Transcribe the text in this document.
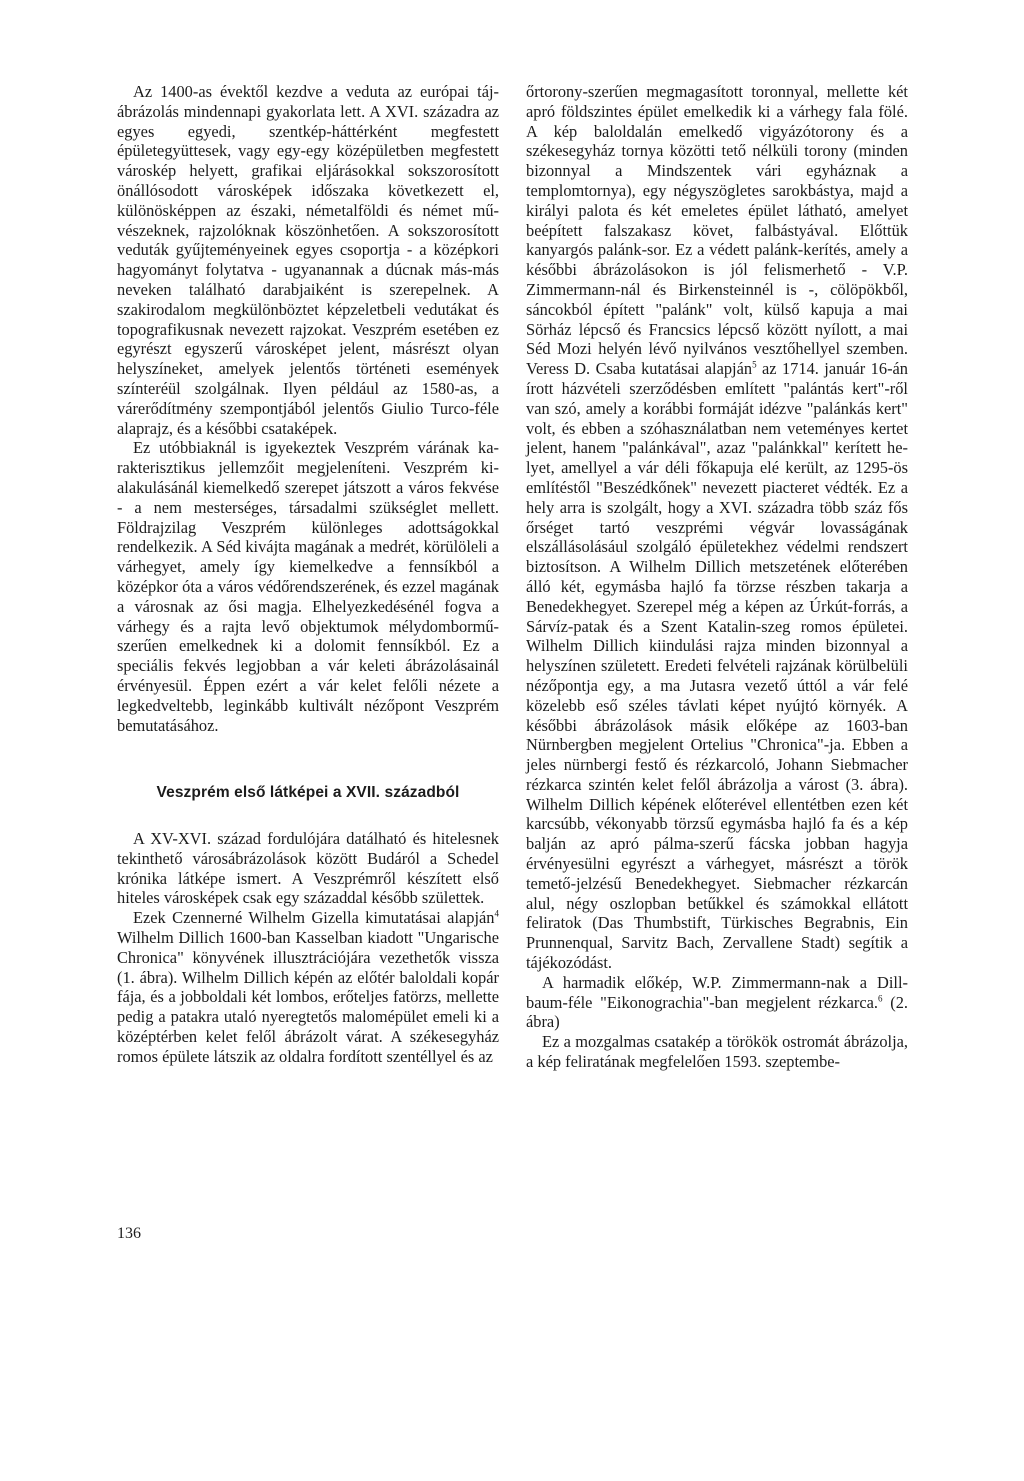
Az 1400-as évektől kezdve a veduta az európai tájábrázolás mindennapi gyakorlata lett. A XVI. századra az egyes egyedi, szentkép-háttérként megfestett épületegyüttesek, vagy egy-egy középületben megfestett városkép helyett, grafikai eljárásokkal sokszorosított önállósodott városképek időszaka következett el, különösképpen az északi, németalföldi és német művészeknek, rajzolóknak köszönhetően. A sokszorosított veduták gyűjteményeinek egyes csoportja - a középkori hagyományt folytatva - ugyanannak a dúcnak más-más neveken található darabjaiként is szerepelnek. A szakirodalom megkülönböztet képzeletbeli vedutákat és topografikusnak nevezett rajzokat. Veszprém esetében ez egyrészt egyszerű városképet jelent, másrészt olyan helyszíneket, amelyek jelentős történeti események színteréül szolgálnak. Ilyen például az 1580-as, a várerődítmény szempontjából jelentős Giulio Turco-féle alaprajz, és a későbbi csataképek.

Ez utóbbiaknál is igyekeztek Veszprém várának karakterisztikus jellemzőit megjeleníteni. Veszprém kialakulásánál kiemelkedő szerepet játszott a város fekvése - a nem mesterséges, társadalmi szükséglet mellett. Földrajzilag Veszprém különleges adottságokkal rendelkezik. A Séd kivájta magának a medrét, körülöleli a várhegyet, amely így kiemelkedve a fennsíkból a középkor óta a város védőrendszerének, és ezzel magának a városnak az ősi magja. Elhelyezkedésénél fogva a várhegy és a rajta levő objektumok mélydombormű-szerűen emelkednek ki a dolomit fennsíkból. Ez a speciális fekvés legjobban a vár keleti ábrázolásainál érvényesül. Éppen ezért a vár kelet felőli nézete a legkedveltebb, leginkább kultivált nézőpont Veszprém bemutatásához.

Veszprém első látképei a XVII. századból

A XV-XVI. század fordulójára datálható és hitelesnek tekinthető városábrázolások között Budáról a Schedel krónika látképe ismert. A Veszprémről készített első hiteles városképek csak egy századdal később születtek.

Ezek Czennerné Wilhelm Gizella kimutatásai alapján$^4$ Wilhelm Dillich 1600-ban Kasselban kiadott "Ungarische Chronica" könyvének illusztrációjára vezethetők vissza (1. ábra). Wilhelm Dillich képén az előtér baloldali kopár fája, és a jobboldali két lombos, erőteljes fatörzs, mellette pedig a patakra utaló nyeregtetős malomépület emeli ki a középtérben kelet felől ábrázolt várat. A székesegyház romos épülete látszik az oldalra fordított szentéllyel és az

őrtorony-szerűen megmagasított toronnyal, mellette két apró földszintes épület emelkedik ki a várhegy fala fölé. A kép baloldalán emelkedő vigyázótorony és a székesegyház tornya közötti tető nélküli torony (minden bizonnyal a Mindszentek vári egyháznak a templomtornya), egy négyszögletes sarokbástya, majd a királyi palota és két emeletes épület látható, amelyet beépített falszakasz követ, falbástyával. Előttük kanyargós palánk-sor. Ez a védett palánk-kerítés, amely a későbbi ábrázolásokon is jól felismerhető - V.P. Zimmermann-nál és Birkensteinnél is -, cölöpökből, sáncokból épített "palánk" volt, külső kapuja a mai Sörház lépcső és Francsics lépcső között nyílott, a mai Séd Mozi helyén lévő nyilvános vesztőhellyel szemben. Veress D. Csaba kutatásai alapján$^5$ az 1714. január 16-án írott házvételi szerződésben említett "palántás kert"-ről van szó, amely a korábbi formáját idézve "palánkás kert" volt, és ebben a szóhasználatban nem veteményes kertet jelent, hanem "palánkával", azaz "palánkkal" kerített helyet, amellyel a vár déli főkapuja elé került, az 1295-ös említéstől "Beszédkőnek" nevezett piacteret védték. Ez a hely arra is szolgált, hogy a XVI. századra több száz fős őrséget tartó veszprémi végvár lovasságának elszállásolásául szolgáló épületekhez védelmi rendszert biztosítson. A Wilhelm Dillich metszetének előterében álló két, egymásba hajló fa törzse részben takarja a Benedekhegyet. Szerepel még a képen az Úrkút-forrás, a Sárvíz-patak és a Szent Katalin-szeg romos épületei. Wilhelm Dillich kiindulási rajza minden bizonnyal a helyszínen született. Eredeti felvételi rajzának körülbelüli nézőpontja egy, a ma Jutasra vezető úttól a vár felé közelebb eső széles távlati képet nyújtó környék. A későbbi ábrázolások másik előképe az 1603-ban Nürnbergben megjelent Ortelius "Chronica"-ja. Ebben a jeles nürnbergi festő és rézkarcoló, Johann Siebmacher rézkarca szintén kelet felől ábrázolja a várost (3. ábra). Wilhelm Dillich képének előterével ellentétben ezen két karcsúbb, vékonyabb törzsű egymásba hajló fa és a kép balján az apró pálma-szerű fácska jobban hagyja érvényesülni egyrészt a várhegyet, másrészt a török temető-jelzésű Benedekhegyet. Siebmacher rézkarcán alul, négy oszlopban betűkkel és számokkal ellátott feliratok (Das Thumbstift, Türkisches Begrabnis, Ein Prunnenqual, Sarvitz Bach, Zervallene Stadt) segítik a tájékozódást.

A harmadik előkép, W.P. Zimmermann-nak a Dillbaum-féle "Eikonograchia"-ban megjelent rézkarca.$^6$ (2. ábra)

Ez a mozgalmas csatakép a törökök ostromát ábrázolja, a kép feliratának megfelelően 1593. szeptembe-

136
